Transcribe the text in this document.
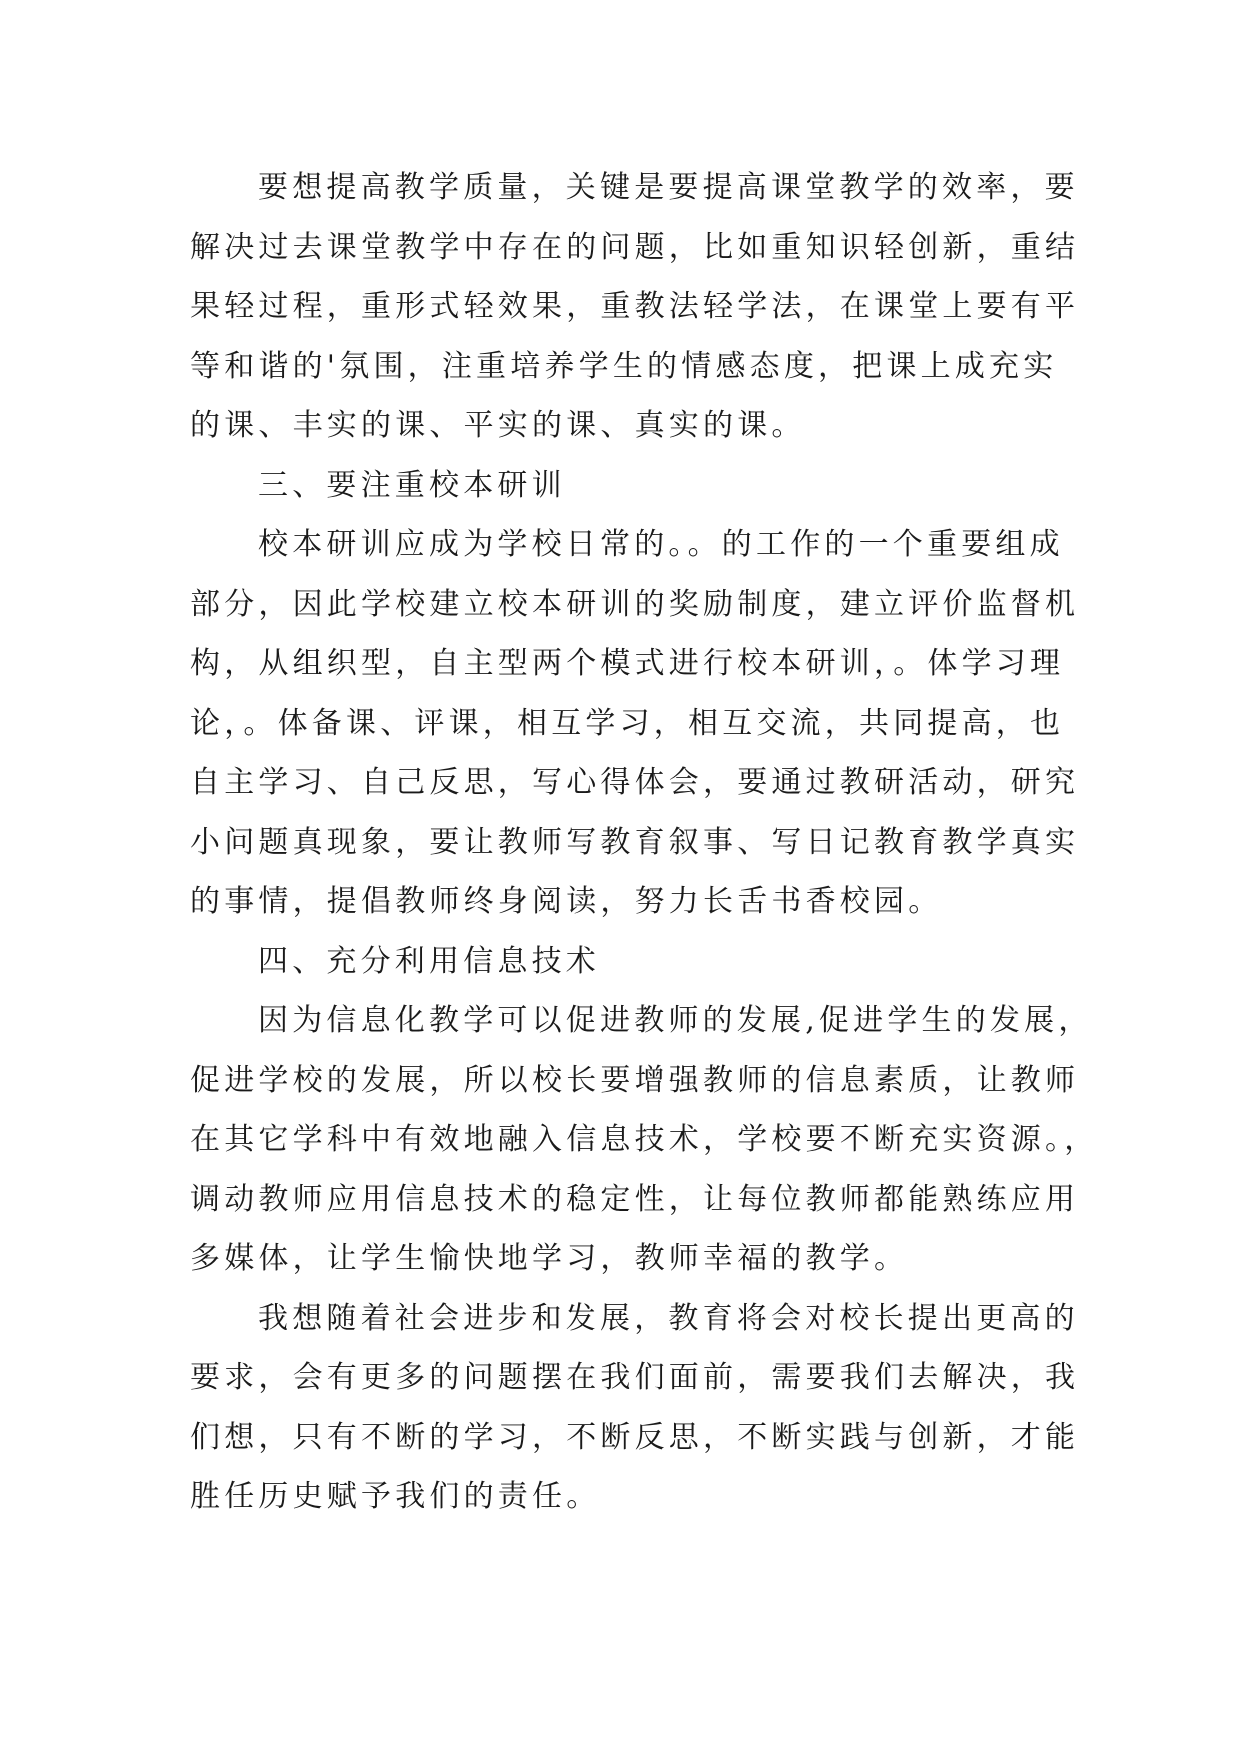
要想提高教学质量，关键是要提高课堂教学的效率，要
解决过去课堂教学中存在的问题，比如重知识轻创新，重结
果轻过程，重形式轻效果，重教法轻学法，在课堂上要有平
等和谐的'氛围，注重培养学生的情感态度，把课上成充实
的课、丰实的课、平实的课、真实的课。

三、要注重校本研训

校本研训应成为学校日常的。。的工作的一个重要组成
部分，因此学校建立校本研训的奖励制度，建立评价监督机
构，从组织型，自主型两个模式进行校本研训，。体学习理
论，。体备课、评课，相互学习，相互交流，共同提高，也
自主学习、自己反思，写心得体会，要通过教研活动，研究
小问题真现象，要让教师写教育叙事、写日记教育教学真实
的事情，提倡教师终身阅读，努力长舌书香校园。

四、充分利用信息技术

因为信息化教学可以促进教师的发展,促进学生的发展，
促进学校的发展，所以校长要增强教师的信息素质，让教师
在其它学科中有效地融入信息技术，学校要不断充实资源。，
调动教师应用信息技术的稳定性，让每位教师都能熟练应用
多媒体，让学生愉快地学习，教师幸福的教学。

我想随着社会进步和发展，教育将会对校长提出更高的
要求，会有更多的问题摆在我们面前，需要我们去解决，我
们想，只有不断的学习，不断反思，不断实践与创新，才能
胜任历史赋予我们的责任。
